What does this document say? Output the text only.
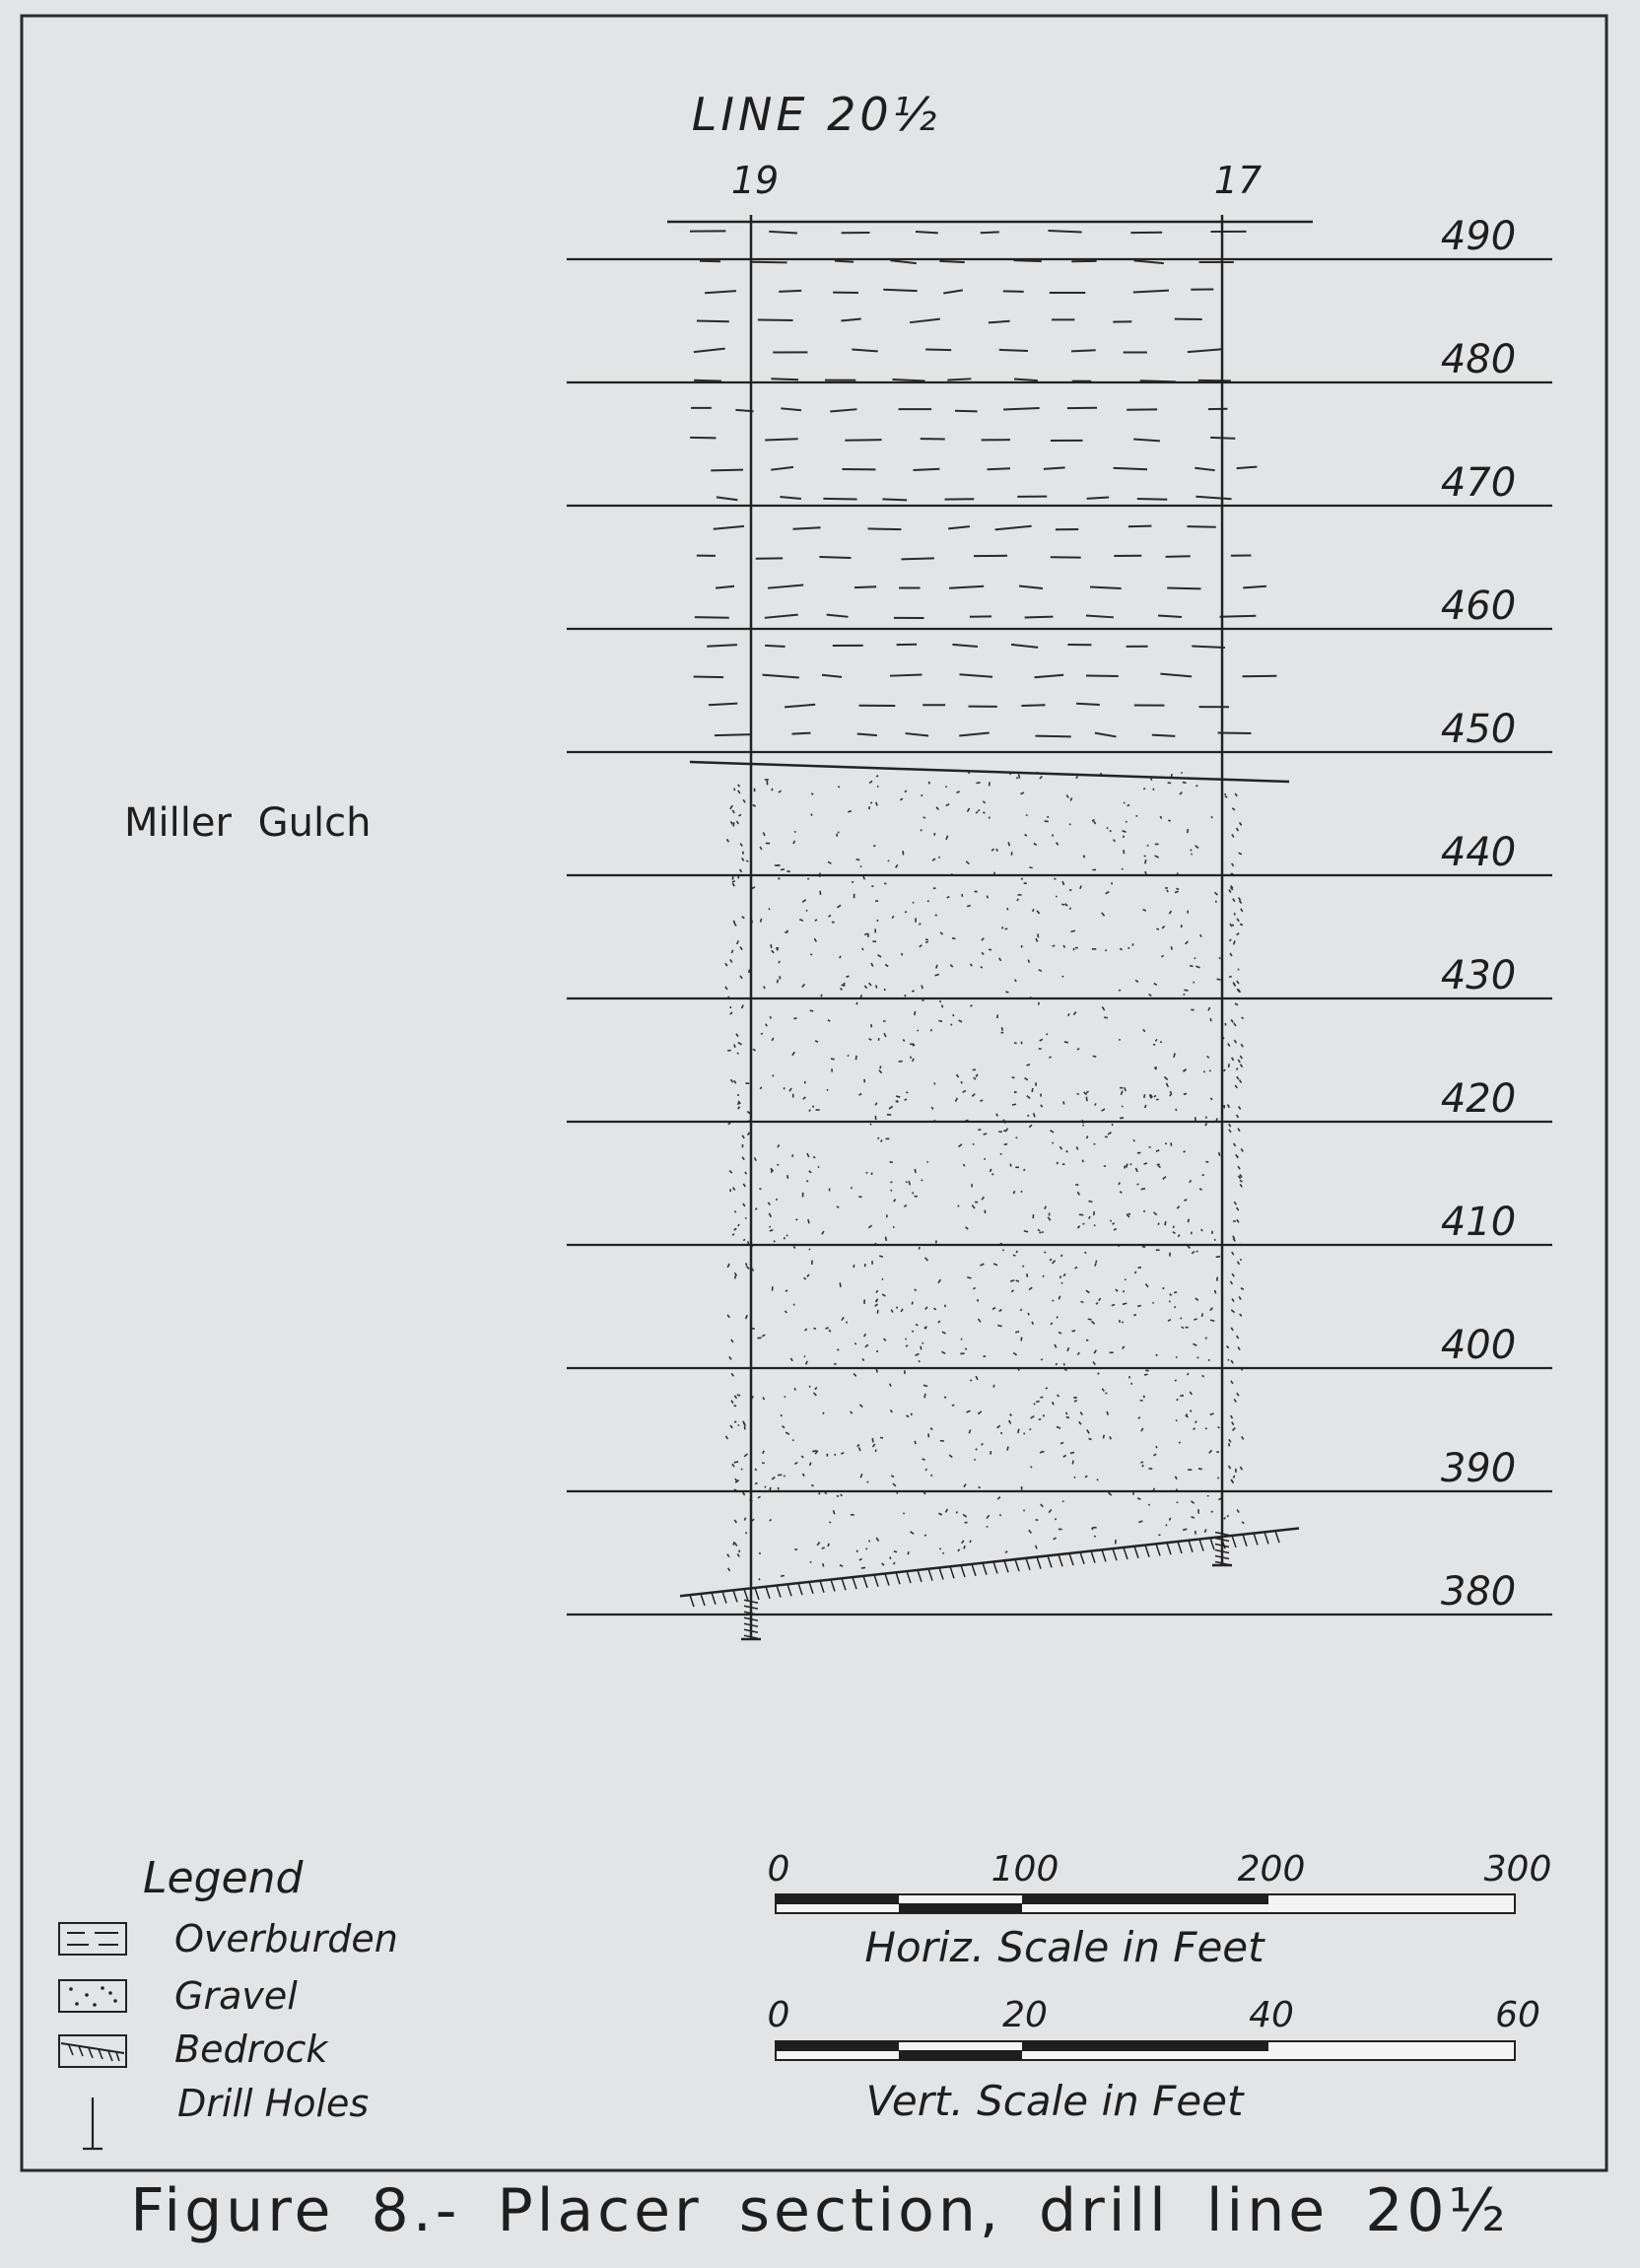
490
480
470
460
450
440
430
420
410
400
390
380
LINE 20½
19	17
Miller Gulch
Legend
Overburden
Gravel
Bedrock
Drill Holes
0	100	200	300
Horiz. Scale in Feet
0	20	40	60
Vert. Scale in Feet
Figure 8.- Placer section, drill line 20½
